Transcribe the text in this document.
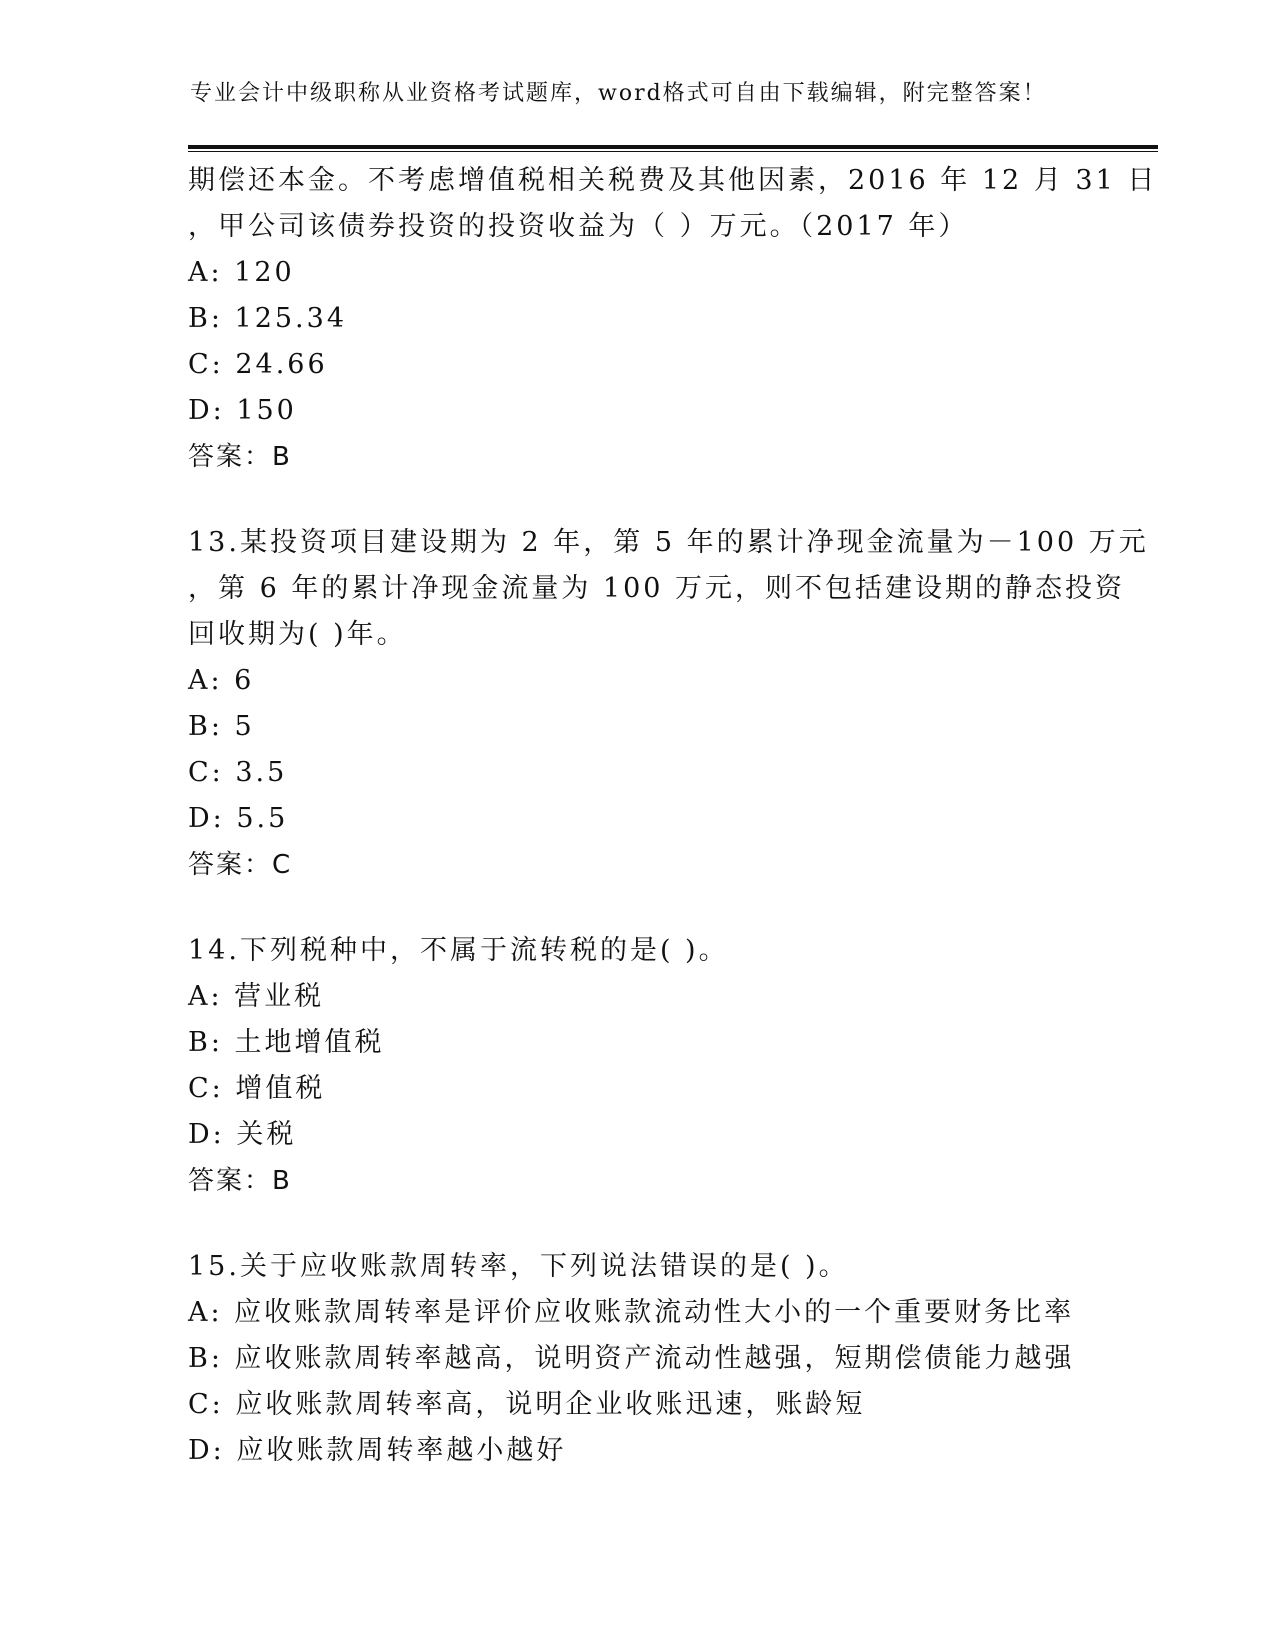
专业会计中级职称从业资格考试题库，word格式可自由下载编辑，附完整答案！

期偿还本金。不考虑增值税相关税费及其他因素，2016 年 12 月 31 日

，甲公司该债券投资的投资收益为（ ）万元。（2017 年）

A: 120

B: 125.34

C: 24.66

D: 150

答案：B

13.某投资项目建设期为 2 年，第 5 年的累计净现金流量为－100 万元

，第 6 年的累计净现金流量为 100 万元，则不包括建设期的静态投资

回收期为( )年。

A: 6

B: 5

C: 3.5

D: 5.5

答案：C

14.下列税种中，不属于流转税的是( )。

A: 营业税

B: 土地增值税

C: 增值税

D: 关税

答案：B

15.关于应收账款周转率，下列说法错误的是( )。

A: 应收账款周转率是评价应收账款流动性大小的一个重要财务比率

B: 应收账款周转率越高，说明资产流动性越强，短期偿债能力越强

C: 应收账款周转率高，说明企业收账迅速，账龄短

D: 应收账款周转率越小越好
